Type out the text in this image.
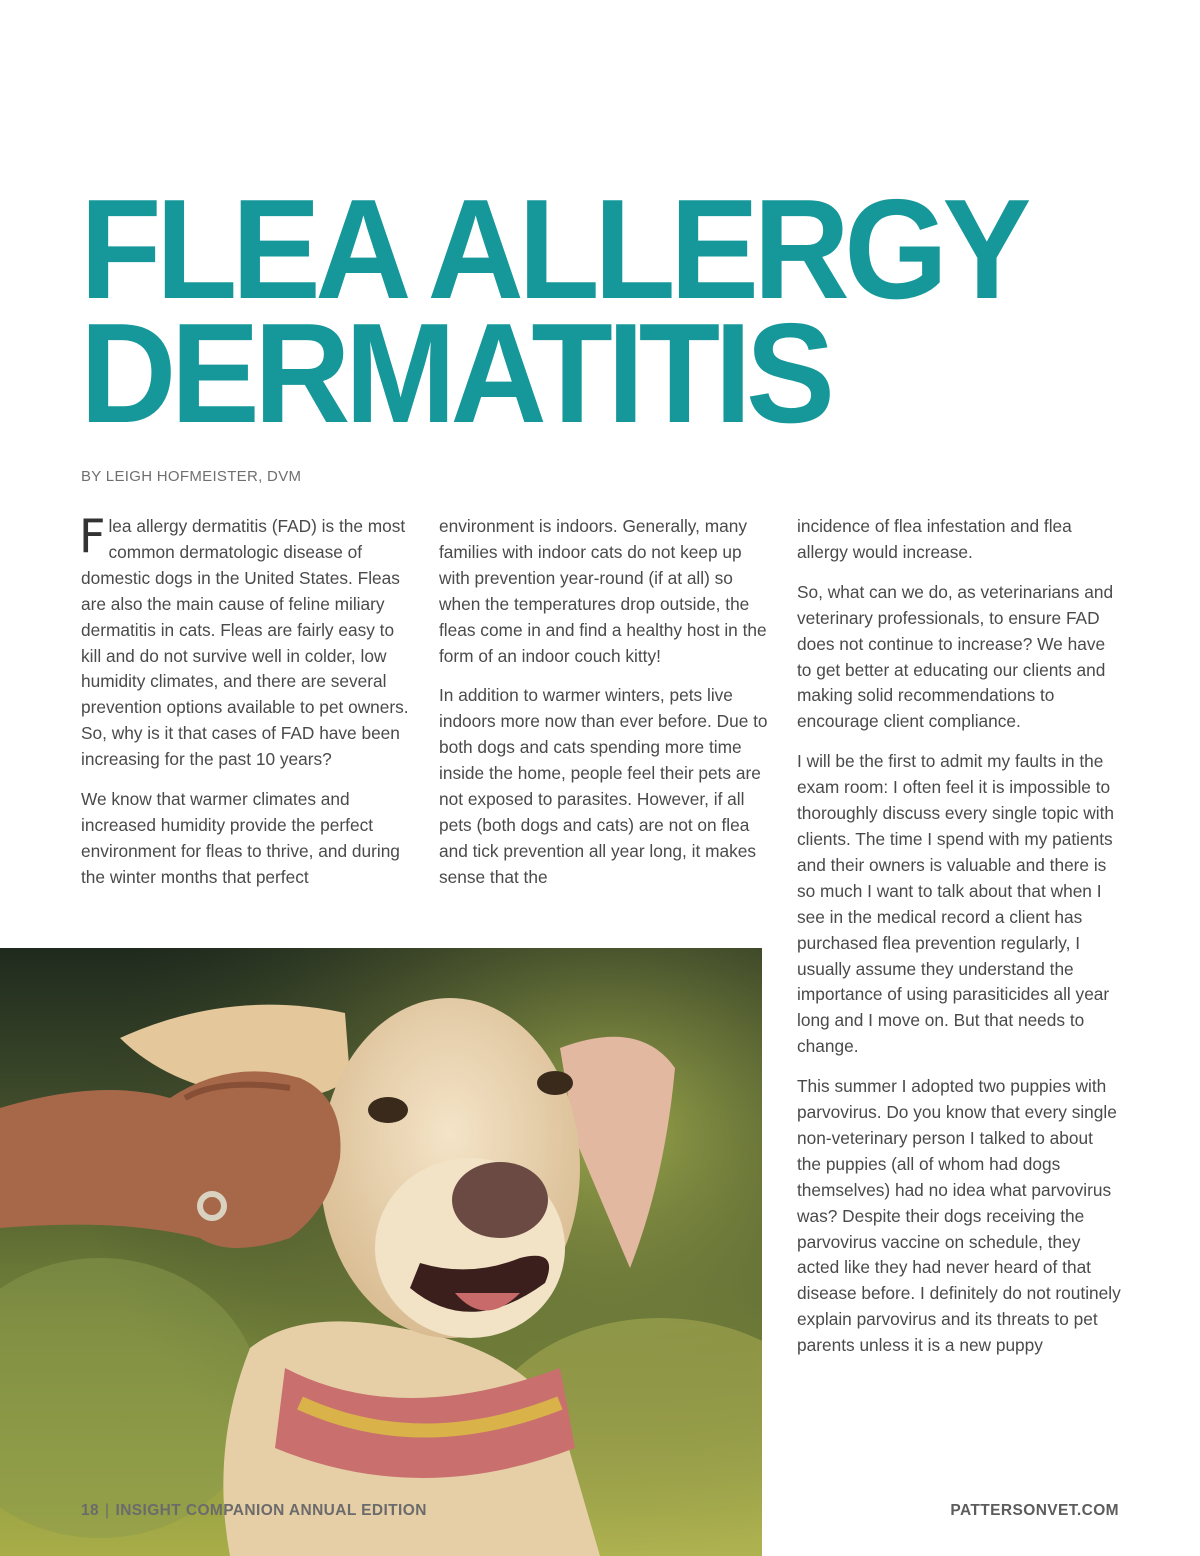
FLEA ALLERGY
DERMATITIS
BY LEIGH HOFMEISTER, DVM

Flea allergy dermatitis (FAD) is the most common dermatologic disease of domestic dogs in the United States. Fleas are also the main cause of feline miliary dermatitis in cats. Fleas are fairly easy to kill and do not survive well in colder, low humidity climates, and there are several prevention options available to pet owners. So, why is it that cases of FAD have been increasing for the past 10 years?

We know that warmer climates and increased humidity provide the perfect environment for fleas to thrive, and during the winter months that perfect

environment is indoors. Generally, many families with indoor cats do not keep up with prevention year-round (if at all) so when the temperatures drop outside, the fleas come in and find a healthy host in the form of an indoor couch kitty!

In addition to warmer winters, pets live indoors more now than ever before. Due to both dogs and cats spending more time inside the home, people feel their pets are not exposed to parasites. However, if all pets (both dogs and cats) are not on flea and tick prevention all year long, it makes sense that the

incidence of flea infestation and flea allergy would increase.

So, what can we do, as veterinarians and veterinary professionals, to ensure FAD does not continue to increase? We have to get better at educating our clients and making solid recommendations to encourage client compliance.

I will be the first to admit my faults in the exam room: I often feel it is impossible to thoroughly discuss every single topic with clients. The time I spend with my patients and their owners is valuable and there is so much I want to talk about that when I see in the medical record a client has purchased flea prevention regularly, I usually assume they understand the importance of using parasiticides all year long and I move on. But that needs to change.

This summer I adopted two puppies with parvovirus. Do you know that every single non-veterinary person I talked to about the puppies (all of whom had dogs themselves) had no idea what parvovirus was? Despite their dogs receiving the parvovirus vaccine on schedule, they acted like they had never heard of that disease before. I definitely do not routinely explain parvovirus and its threats to pet parents unless it is a new puppy

18 | INSIGHT COMPANION ANNUAL EDITION	PATTERSONVET.COM
